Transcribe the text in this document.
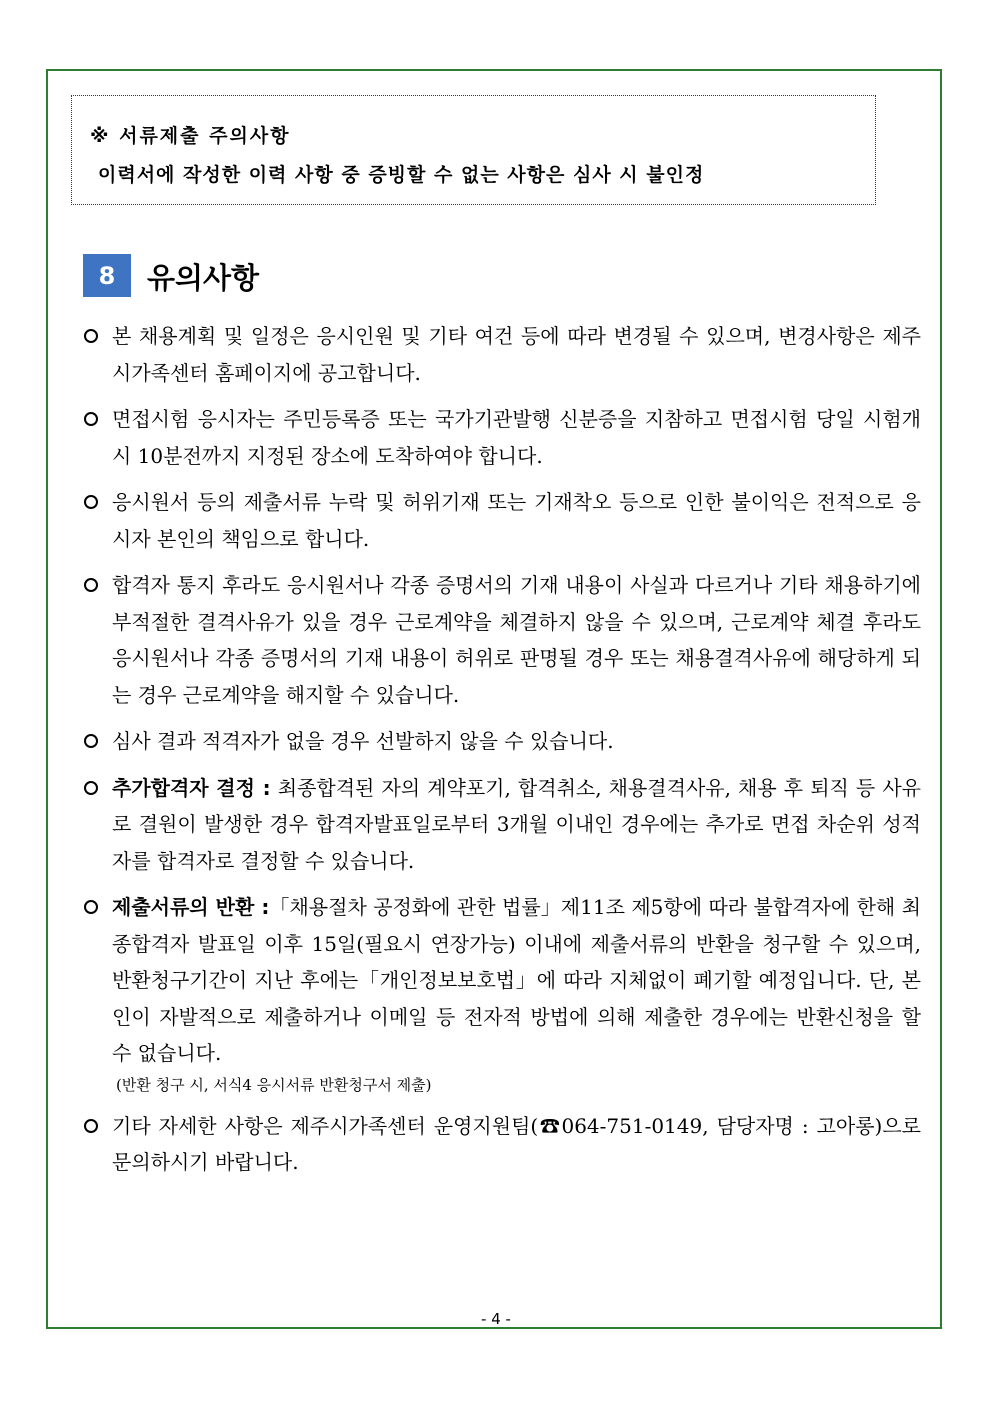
※ 서류제출 주의사항
이력서에 작성한 이력 사항 중 증빙할 수 없는 사항은 심사 시 불인정
8	유의사항
본 채용계획 및 일정은 응시인원 및 기타 여건 등에 따라 변경될 수 있으며, 변경사항은 제주시가족센터 홈페이지에 공고합니다.
면접시험 응시자는 주민등록증 또는 국가기관발행 신분증을 지참하고 면접시험 당일 시험개시 10분전까지 지정된 장소에 도착하여야 합니다.
응시원서 등의 제출서류 누락 및 허위기재 또는 기재착오 등으로 인한 불이익은 전적으로 응시자 본인의 책임으로 합니다.
합격자 통지 후라도 응시원서나 각종 증명서의 기재 내용이 사실과 다르거나 기타 채용하기에 부적절한 결격사유가 있을 경우 근로계약을 체결하지 않을 수 있으며, 근로계약 체결 후라도 응시원서나 각종 증명서의 기재 내용이 허위로 판명될 경우 또는 채용결격사유에 해당하게 되는 경우 근로계약을 해지할 수 있습니다.
심사 결과 적격자가 없을 경우 선발하지 않을 수 있습니다.
추가합격자 결정 : 최종합격된 자의 계약포기, 합격취소, 채용결격사유, 채용 후 퇴직 등 사유로 결원이 발생한 경우 합격자발표일로부터 3개월 이내인 경우에는 추가로 면접 차순위 성적자를 합격자로 결정할 수 있습니다.
제출서류의 반환 :「채용절차 공정화에 관한 법률」제11조 제5항에 따라 불합격자에 한해 최종합격자 발표일 이후 15일(필요시 연장가능) 이내에 제출서류의 반환을 청구할 수 있으며, 반환청구기간이 지난 후에는「개인정보보호법」에 따라 지체없이 폐기할 예정입니다. 단, 본인이 자발적으로 제출하거나 이메일 등 전자적 방법에 의해 제출한 경우에는 반환신청을 할 수 없습니다.
(반환 청구 시, 서식4 응시서류 반환청구서 제출)
기타 자세한 사항은 제주시가족센터 운영지원팀(☎064-751-0149, 담당자명 : 고아롱)으로 문의하시기 바랍니다.
- 4 -
